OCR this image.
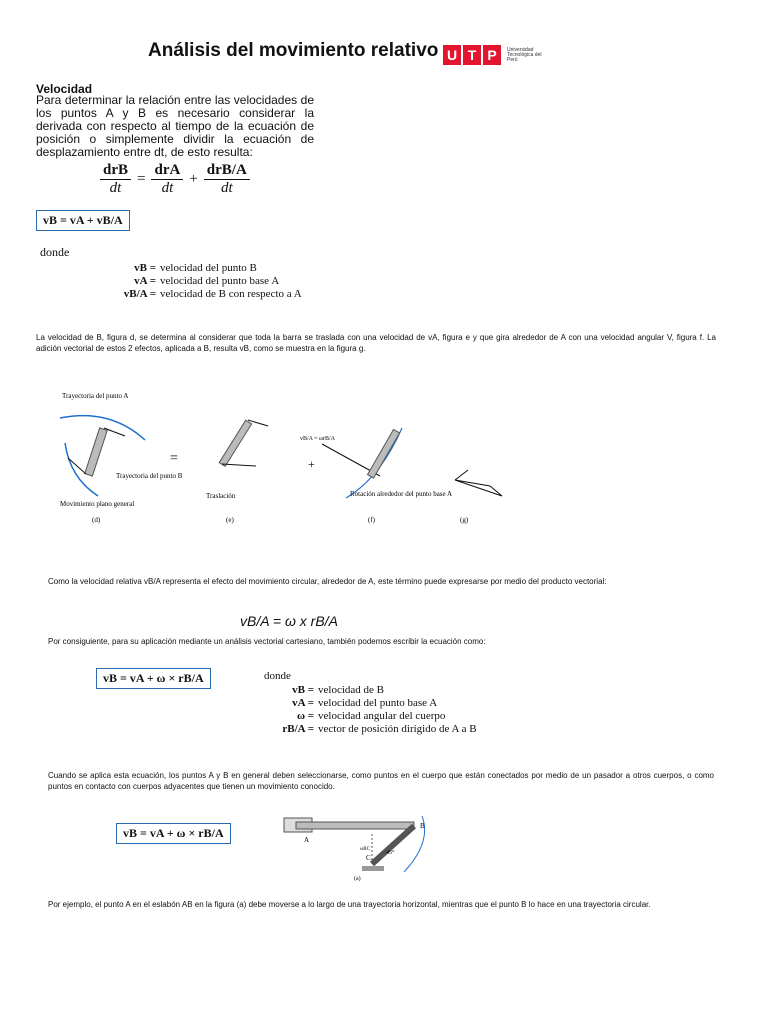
Análisis del movimiento relativo U T P	Universidad Tecnológica del Perú
Velocidad
Para determinar la relación entre las velocidades de los puntos A y B es necesario considerar la derivada con respecto al tiempo de la ecuación de posición o simplemente dividir la ecuación de desplazamiento entre dt, de esto resulta:
$\frac{\text{drB}}{dt} = \frac{\text{drA}}{dt} + \frac{\text{drB/A}}{dt}$
vB = vA + vB/A
donde
vB = velocidad del punto B
vA = velocidad del punto base A
vB/A = velocidad de B con respecto a A
La velocidad de B, figura d, se determina al considerar que toda la barra se traslada con una velocidad de vA, figura e y que gira alrededor de A con una velocidad angular V, figura f. La adición vectorial de estos 2 efectos, aplicada a B, resulta vB, como se muestra en la figura g.
Trayectoria del punto A
Trayectoria del punto B
Movimiento plano general
(d)
=
Traslación
(e)
+
vB/A = ωrB/A
Rotación alrededor del punto base A
(f)	(g)
Como la velocidad relativa vB/A representa el efecto del movimiento circular, alrededor de A, este término puede expresarse por medio del producto vectorial:
vB/A = ω x rB/A
Por consiguiente, para su aplicación mediante un análisis vectorial cartesiano, también podemos escribir la ecuación como:
vB = vA + ω × rB/A	donde
vB = velocidad de B
vA = velocidad del punto base A
ω = velocidad angular del cuerpo
rB/A = vector de posición dirigido de A a B
Cuando se aplica esta ecuación, los puntos A y B en general deben seleccionarse, como puntos en el cuerpo que están conectados por medio de un pasador a otros cuerpos, o como puntos en contacto con cuerpos adyacentes que tienen un movimiento conocido.
vB = vA + ω × rB/A	A
B
C
ωBC
45°
(a)
Por ejemplo, el punto A en el eslabón AB en la figura (a) debe moverse a lo largo de una trayectoria horizontal, mientras que el punto B lo hace en una trayectoria circular.
